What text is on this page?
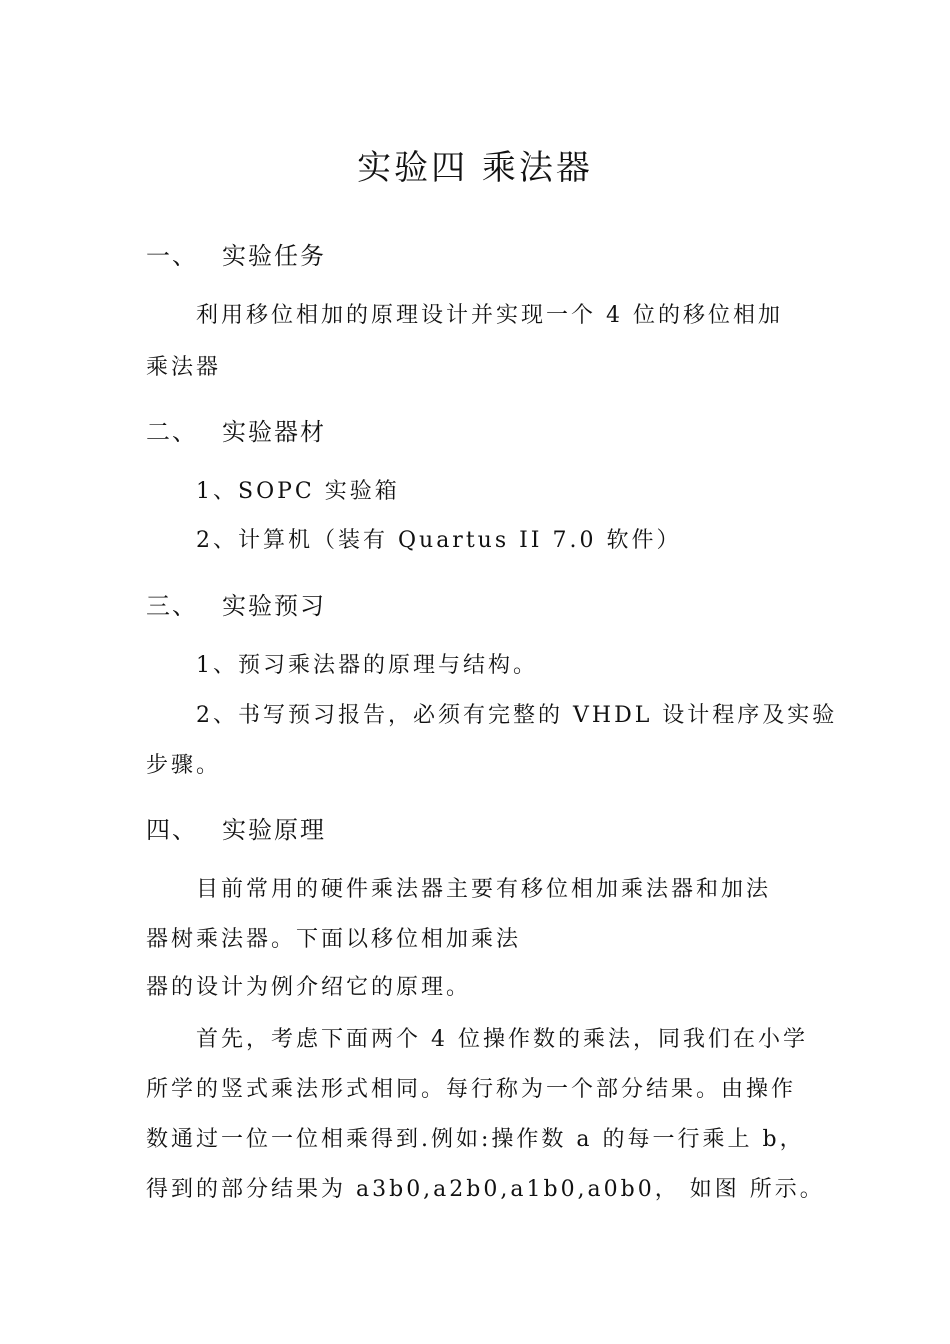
实验四 乘法器
一、 实验任务
利用移位相加的原理设计并实现一个 4 位的移位相加
乘法器
二、 实验器材
1、SOPC 实验箱
2、计算机（装有 Quartus II 7.0 软件）
三、 实验预习
1、预习乘法器的原理与结构。
2、书写预习报告，必须有完整的 VHDL 设计程序及实验
步骤。
四、 实验原理
目前常用的硬件乘法器主要有移位相加乘法器和加法
器树乘法器。下面以移位相加乘法
器的设计为例介绍它的原理。
首先，考虑下面两个 4 位操作数的乘法，同我们在小学
所学的竖式乘法形式相同。每行称为一个部分结果。由操作
数通过一位一位相乘得到.例如:操作数 a 的每一行乘上 b，
得到的部分结果为 a3b0,a2b0,a1b0,a0b0， 如图 所示。
